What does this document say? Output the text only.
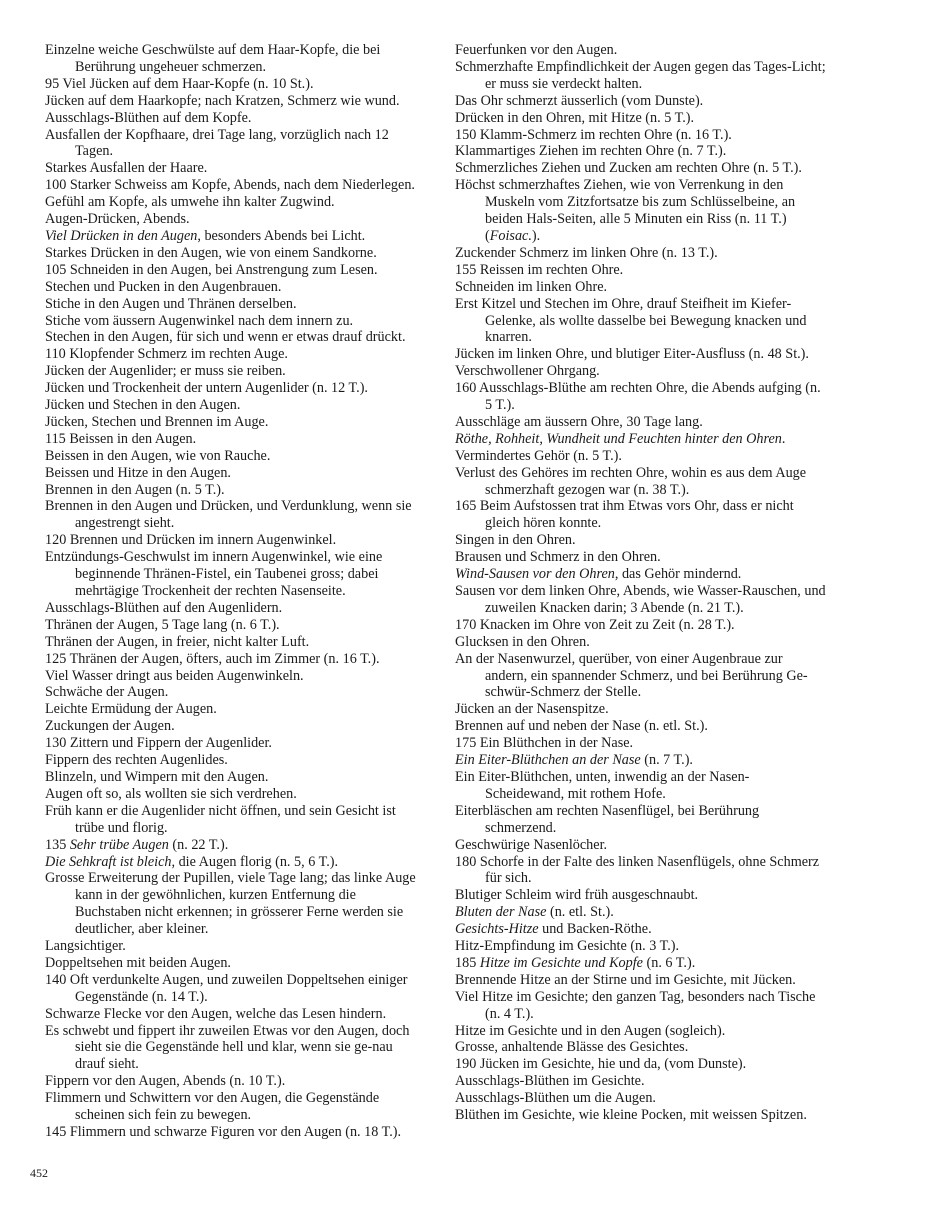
Einzelne weiche Geschwülste auf dem Haar-Kopfe, die bei Berührung ungeheuer schmerzen.

95 Viel Jücken auf dem Haar-Kopfe (n. 10 St.).

Jücken auf dem Haarkopfe; nach Kratzen, Schmerz wie wund.

Ausschlags-Blüthen auf dem Kopfe.

Ausfallen der Kopfhaare, drei Tage lang, vorzüglich nach 12 Tagen.

Starkes Ausfallen der Haare.

100 Starker Schweiss am Kopfe, Abends, nach dem Niederlegen.

Gefühl am Kopfe, als umwehe ihn kalter Zugwind.

Augen-Drücken, Abends.

Viel Drücken in den Augen, besonders Abends bei Licht.

Starkes Drücken in den Augen, wie von einem Sandkorne.

105 Schneiden in den Augen, bei Anstrengung zum Lesen.

Stechen und Pucken in den Augenbrauen.

Stiche in den Augen und Thränen derselben.

Stiche vom äussern Augenwinkel nach dem innern zu.

Stechen in den Augen, für sich und wenn er etwas drauf drückt.

110 Klopfender Schmerz im rechten Auge.

Jücken der Augenlider; er muss sie reiben.

Jücken und Trockenheit der untern Augenlider (n. 12 T.).

Jücken und Stechen in den Augen.

Jücken, Stechen und Brennen im Auge.

115 Beissen in den Augen.

Beissen in den Augen, wie von Rauche.

Beissen und Hitze in den Augen.

Brennen in den Augen (n. 5 T.).

Brennen in den Augen und Drücken, und Verdunklung, wenn sie angestrengt sieht.

120 Brennen und Drücken im innern Augenwinkel.

Entzündungs-Geschwulst im innern Augenwinkel, wie eine beginnende Thränen-Fistel, ein Taubenei gross; dabei mehrtägige Trockenheit der rechten Nasenseite.

Ausschlags-Blüthen auf den Augenlidern.

Thränen der Augen, 5 Tage lang (n. 6 T.).

Thränen der Augen, in freier, nicht kalter Luft.

125 Thränen der Augen, öfters, auch im Zimmer (n. 16 T.).

Viel Wasser dringt aus beiden Augenwinkeln.

Schwäche der Augen.

Leichte Ermüdung der Augen.

Zuckungen der Augen.

130 Zittern und Fippern der Augenlider.

Fippern des rechten Augenlides.

Blinzeln, und Wimpern mit den Augen.

Augen oft so, als wollten sie sich verdrehen.

Früh kann er die Augenlider nicht öffnen, und sein Gesicht ist trübe und florig.

135 Sehr trübe Augen (n. 22 T.).

Die Sehkraft ist bleich, die Augen florig (n. 5, 6 T.).

Grosse Erweiterung der Pupillen, viele Tage lang; das linke Auge kann in der gewöhnlichen, kurzen Entfernung die Buchstaben nicht erkennen; in grösserer Ferne werden sie deutlicher, aber kleiner.

Langsichtiger.

Doppeltsehen mit beiden Augen.

140 Oft verdunkelte Augen, und zuweilen Doppeltsehen einiger Gegenstände (n. 14 T.).

Schwarze Flecke vor den Augen, welche das Lesen hindern.

Es schwebt und fippert ihr zuweilen Etwas vor den Augen, doch sieht sie die Gegenstände hell und klar, wenn sie ge-nau drauf sieht.

Fippern vor den Augen, Abends (n. 10 T.).

Flimmern und Schwittern vor den Augen, die Gegenstände scheinen sich fein zu bewegen.

145 Flimmern und schwarze Figuren vor den Augen (n. 18 T.).

Feuerfunken vor den Augen.

Schmerzhafte Empfindlichkeit der Augen gegen das Tages-Licht; er muss sie verdeckt halten.

Das Ohr schmerzt äusserlich (vom Dunste).

Drücken in den Ohren, mit Hitze (n. 5 T.).

150 Klamm-Schmerz im rechten Ohre (n. 16 T.).

Klammartiges Ziehen im rechten Ohre (n. 7 T.).

Schmerzliches Ziehen und Zucken am rechten Ohre (n. 5 T.).

Höchst schmerzhaftes Ziehen, wie von Verrenkung in den Muskeln vom Zitzfortsatze bis zum Schlüsselbeine, an beiden Hals-Seiten, alle 5 Minuten ein Riss (n. 11 T.) (Foisac.).

Zuckender Schmerz im linken Ohre (n. 13 T.).

155 Reissen im rechten Ohre.

Schneiden im linken Ohre.

Erst Kitzel und Stechen im Ohre, drauf Steifheit im Kiefer-Gelenke, als wollte dasselbe bei Bewegung knacken und knarren.

Jücken im linken Ohre, und blutiger Eiter-Ausfluss (n. 48 St.).

Verschwollener Ohrgang.

160 Ausschlags-Blüthe am rechten Ohre, die Abends aufging (n. 5 T.).

Ausschläge am äussern Ohre, 30 Tage lang.

Röthe, Rohheit, Wundheit und Feuchten hinter den Ohren.

Vermindertes Gehör (n. 5 T.).

Verlust des Gehöres im rechten Ohre, wohin es aus dem Auge schmerzhaft gezogen war (n. 38 T.).

165 Beim Aufstossen trat ihm Etwas vors Ohr, dass er nicht gleich hören konnte.

Singen in den Ohren.

Brausen und Schmerz in den Ohren.

Wind-Sausen vor den Ohren, das Gehör mindernd.

Sausen vor dem linken Ohre, Abends, wie Wasser-Rauschen, und zuweilen Knacken darin; 3 Abende (n. 21 T.).

170 Knacken im Ohre von Zeit zu Zeit (n. 28 T.).

Glucksen in den Ohren.

An der Nasenwurzel, querüber, von einer Augenbraue zur andern, ein spannender Schmerz, und bei Berührung Ge-schwür-Schmerz der Stelle.

Jücken an der Nasenspitze.

Brennen auf und neben der Nase (n. etl. St.).

175 Ein Blüthchen in der Nase.

Ein Eiter-Blüthchen an der Nase (n. 7 T.).

Ein Eiter-Blüthchen, unten, inwendig an der Nasen-Scheidewand, mit rothem Hofe.

Eiterbläschen am rechten Nasenflügel, bei Berührung schmerzend.

Geschwürige Nasenlöcher.

180 Schorfe in der Falte des linken Nasenflügels, ohne Schmerz für sich.

Blutiger Schleim wird früh ausgeschnaubt.

Bluten der Nase (n. etl. St.).

Gesichts-Hitze und Backen-Röthe.

Hitz-Empfindung im Gesichte (n. 3 T.).

185 Hitze im Gesichte und Kopfe (n. 6 T.).

Brennende Hitze an der Stirne und im Gesichte, mit Jücken.

Viel Hitze im Gesichte; den ganzen Tag, besonders nach Tische (n. 4 T.).

Hitze im Gesichte und in den Augen (sogleich).

Grosse, anhaltende Blässe des Gesichtes.

190 Jücken im Gesichte, hie und da, (vom Dunste).

Ausschlags-Blüthen im Gesichte.

Ausschlags-Blüthen um die Augen.

Blüthen im Gesichte, wie kleine Pocken, mit weissen Spitzen.

452
